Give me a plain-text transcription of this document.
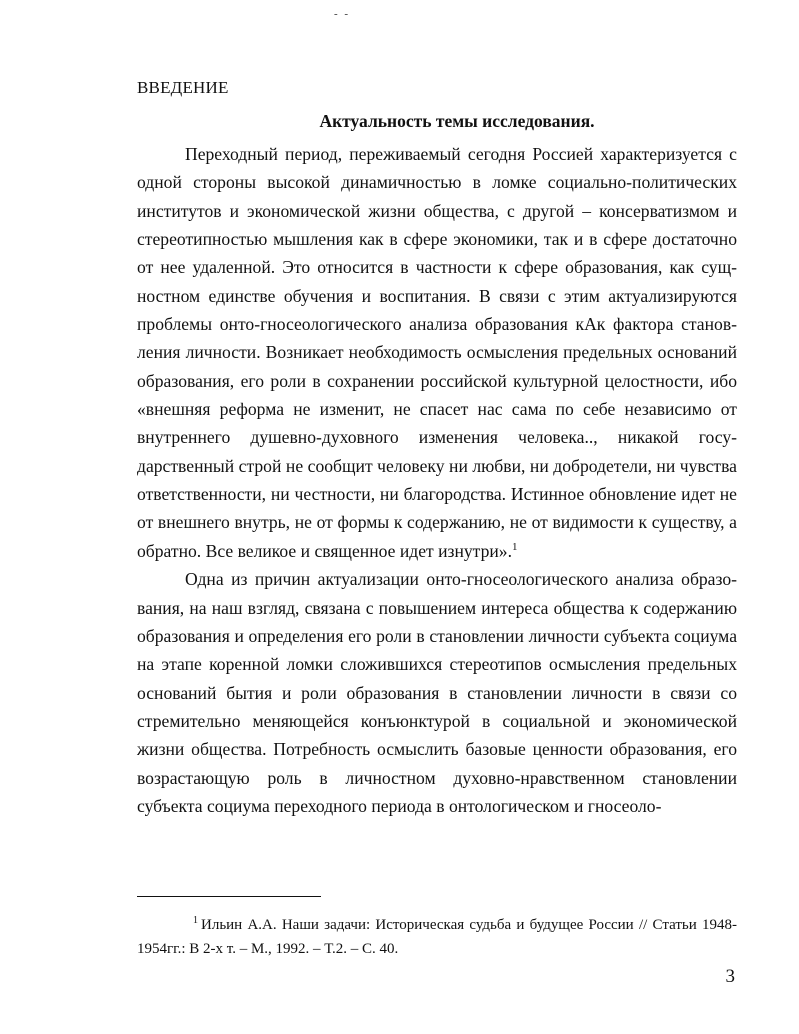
- -
ВВЕДЕНИЕ
Актуальность темы исследования.

Переходный период, переживаемый сегодня Россией характеризуется с одной стороны высокой динамичностью в ломке социально-политических институтов и экономической жизни общества, с другой – консерватизмом и стереотипностью мышления как в сфере экономики, так и в сфере достаточно от нее удаленной. Это относится в частности к сфере образования, как сущностном единстве обучения и воспитания. В связи с этим актуализируются проблемы онто-гносеологического анализа образования кАк фактора становления личности. Возникает необходимость осмысления предельных оснований образования, его роли в сохранении российской культурной целостности, ибо «внешняя реформа не изменит, не спасет нас сама по себе независимо от внутреннего душевно-духовного изменения человека.., никакой государственный строй не сообщит человеку ни любви, ни добродетели, ни чувства ответственности, ни честности, ни благородства. Истинное обновление идет не от внешнего внутрь, не от формы к содержанию, не от видимости к существу, а обратно. Все великое и священное идет изнутри».$^1$

Одна из причин актуализации онто-гносеологического анализа образования, на наш взгляд, связана с повышением интереса общества к содержанию образования и определения его роли в становлении личности субъекта социума на этапе коренной ломки сложившихся стереотипов осмысления предельных оснований бытия и роли образования в становлении личности в связи со стремительно меняющейся конъюнктурой в социальной и экономической жизни общества. Потребность осмыслить базовые ценности образования, его возрастающую роль в личностном духовно-нравственном становлении субъекта социума переходного периода в онтологическом и гносеоло-

$^1$ Ильин А.А. Наши задачи: Историческая судьба и будущее России // Статьи 1948-1954гг.: В 2-х т. – М., 1992. – Т.2. – С. 40.
3
